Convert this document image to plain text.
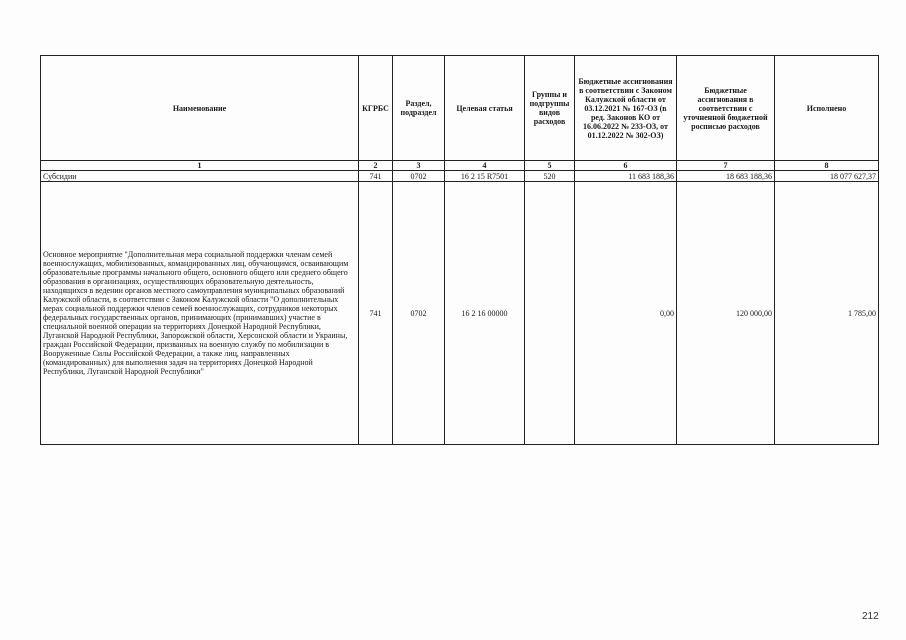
Наименование	КГРБС	Раздел, подраздел	Целевая статья	Группы и подгруппы видов расходов	Бюджетные ассигнования в соответствии с Законом Калужской области от 03.12.2021 № 167-ОЗ (в ред. Законов КО от 16.06.2022 № 233-ОЗ, от 01.12.2022 № 302-ОЗ)	Бюджетные ассигнования в соответствии с уточненной бюджетной росписью расходов	Исполнено
1	2	3	4	5	6	7	8
Субсидии	741	0702	16 2 15 R7501	520	11 683 188,36	18 683 188,36	18 077 627,37
Основное мероприятие "Дополнительная мера социальной поддержки членам семей военнослужащих, мобилизованных, командированных лиц, обучающимся, осваивающим образовательные программы начального общего, основного общего или среднего общего образования в организациях, осуществляющих образовательную деятельность, находящихся в ведении органов местного самоуправления муниципальных образований Калужской области, в соответствии с Законом Калужской области "О дополнительных мерах социальной поддержки членов семей военнослужащих, сотрудников некоторых федеральных государственных органов, принимающих (принимавших) участие в специальной военной операции на территориях Донецкой Народной Республики, Луганской Народной Республики, Запорожской области, Херсонской области и Украины, граждан Российской Федерации, призванных на военную службу по мобилизации в Вооруженные Силы Российской Федерации, а также лиц, направленных (командированных) для выполнения задач на территориях Донецкой Народной Республики, Луганской Народной Республики"	741	0702	16 2 16 00000		0,00	120 000,00	1 785,00
212
